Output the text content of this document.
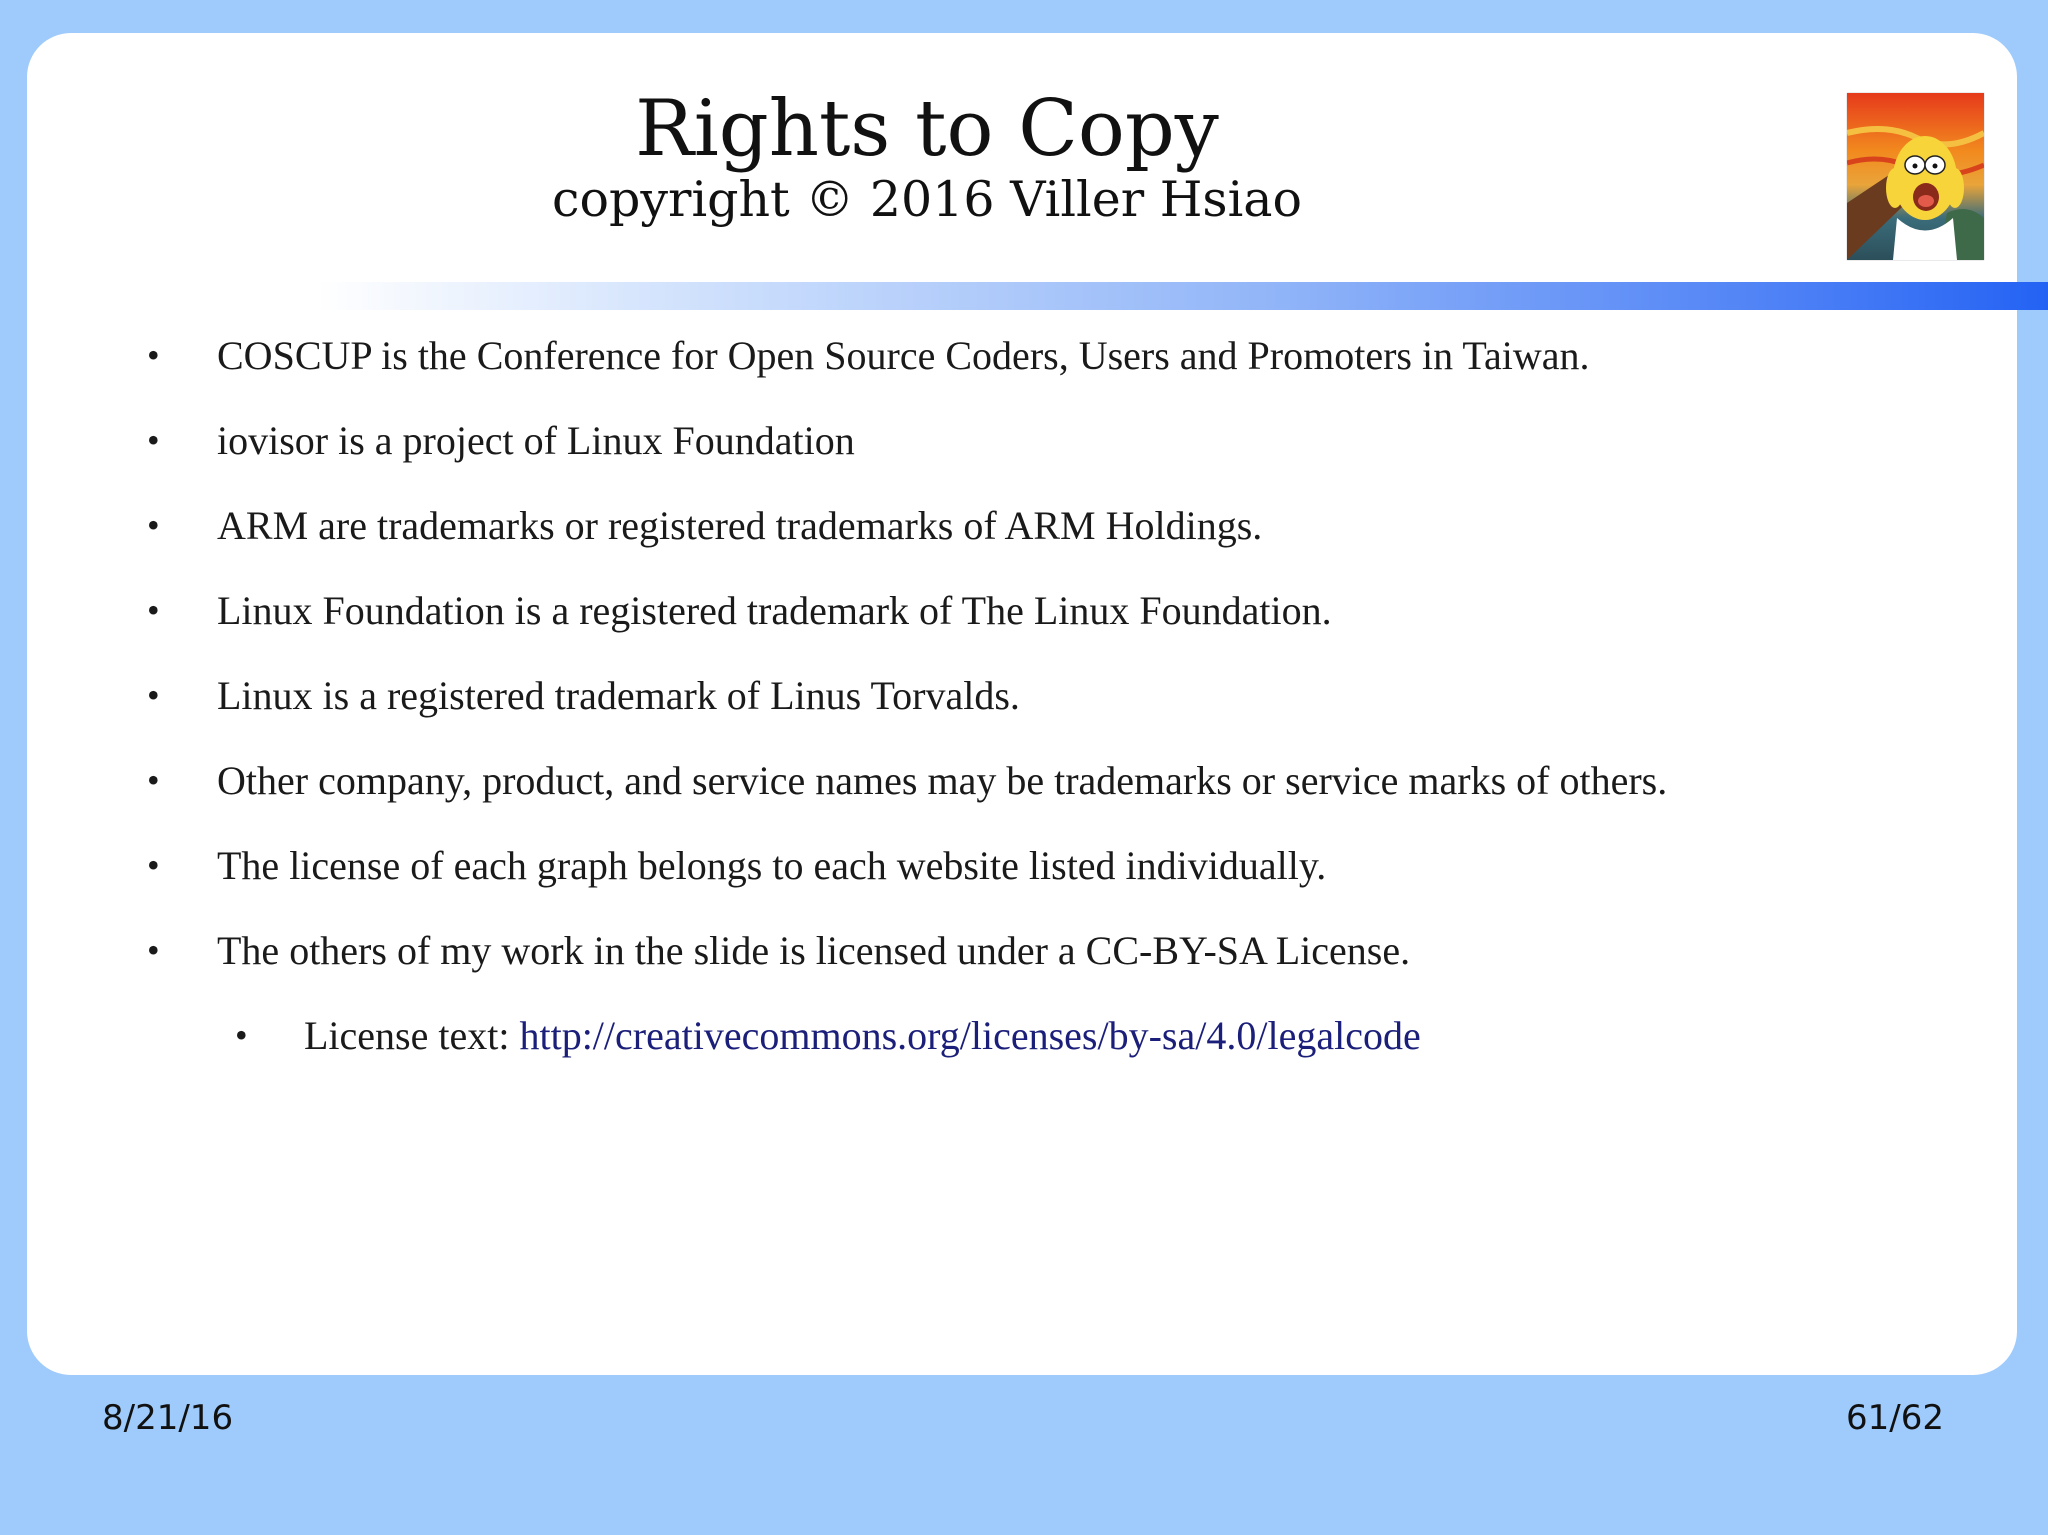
Rights to Copy
copyright © 2016 Viller Hsiao
• COSCUP is the Conference for Open Source Coders, Users and Promoters in Taiwan.
• iovisor is a project of Linux Foundation
• ARM are trademarks or registered trademarks of ARM Holdings.
• Linux Foundation is a registered trademark of The Linux Foundation.
• Linux is a registered trademark of Linus Torvalds.
• Other company, product, and service names may be trademarks or service marks of others.
• The license of each graph belongs to each website listed individually.
• The others of my work in the slide is licensed under a CC-BY-SA License.
• License text: http://creativecommons.org/licenses/by-sa/4.0/legalcode
8/21/16	61/62
